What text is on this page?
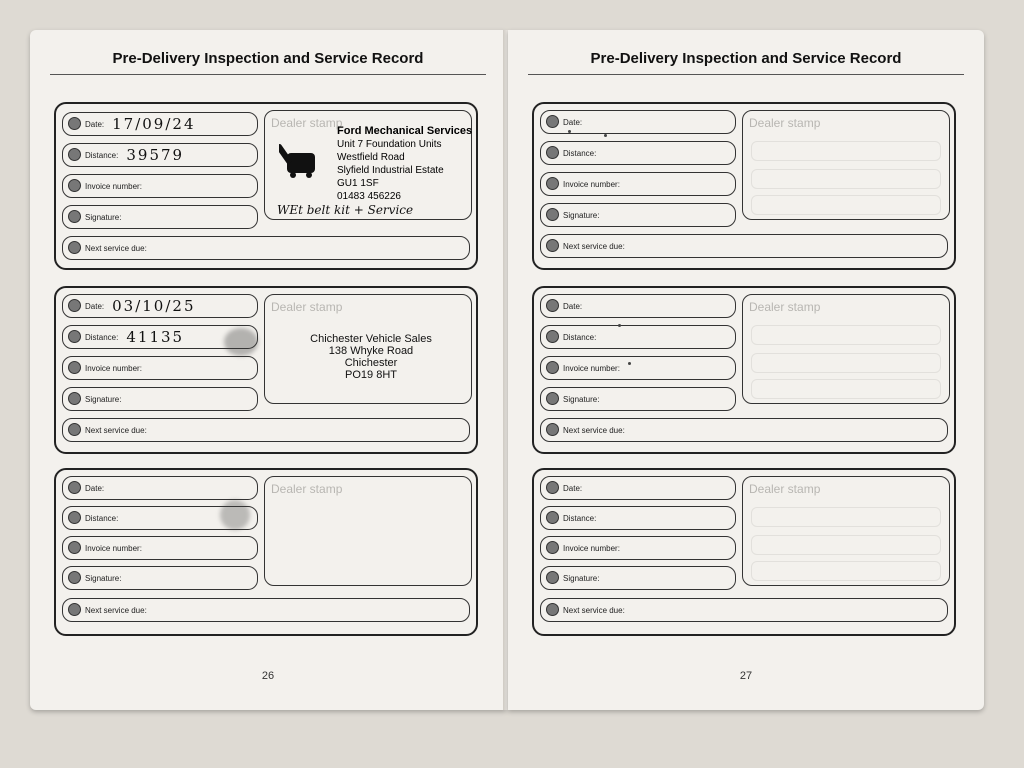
Pre-Delivery Inspection and Service Record
Date: 17/09/24
Distance: 39579
Invoice number:
Signature:
Next service due:
Dealer stamp
Ford Mechanical Services
Unit 7 Foundation Units
Westfield Road
Slyfield Industrial Estate
GU1 1SF
01483 456226
WEt belt kit + Service
Date: 03/10/25
Distance: 41135
Invoice number:
Signature:
Next service due:
Dealer stamp
Chichester Vehicle Sales
138 Whyke Road
Chichester
PO19 8HT
Date:
Distance:
Invoice number:
Signature:
Next service due:
Dealer stamp
26
Pre-Delivery Inspection and Service Record
Date:
Distance:
Invoice number:
Signature:
Next service due:
Dealer stamp
Date:
Distance:
Invoice number:
Signature:
Next service due:
Dealer stamp
Date:
Distance:
Invoice number:
Signature:
Next service due:
Dealer stamp
27
